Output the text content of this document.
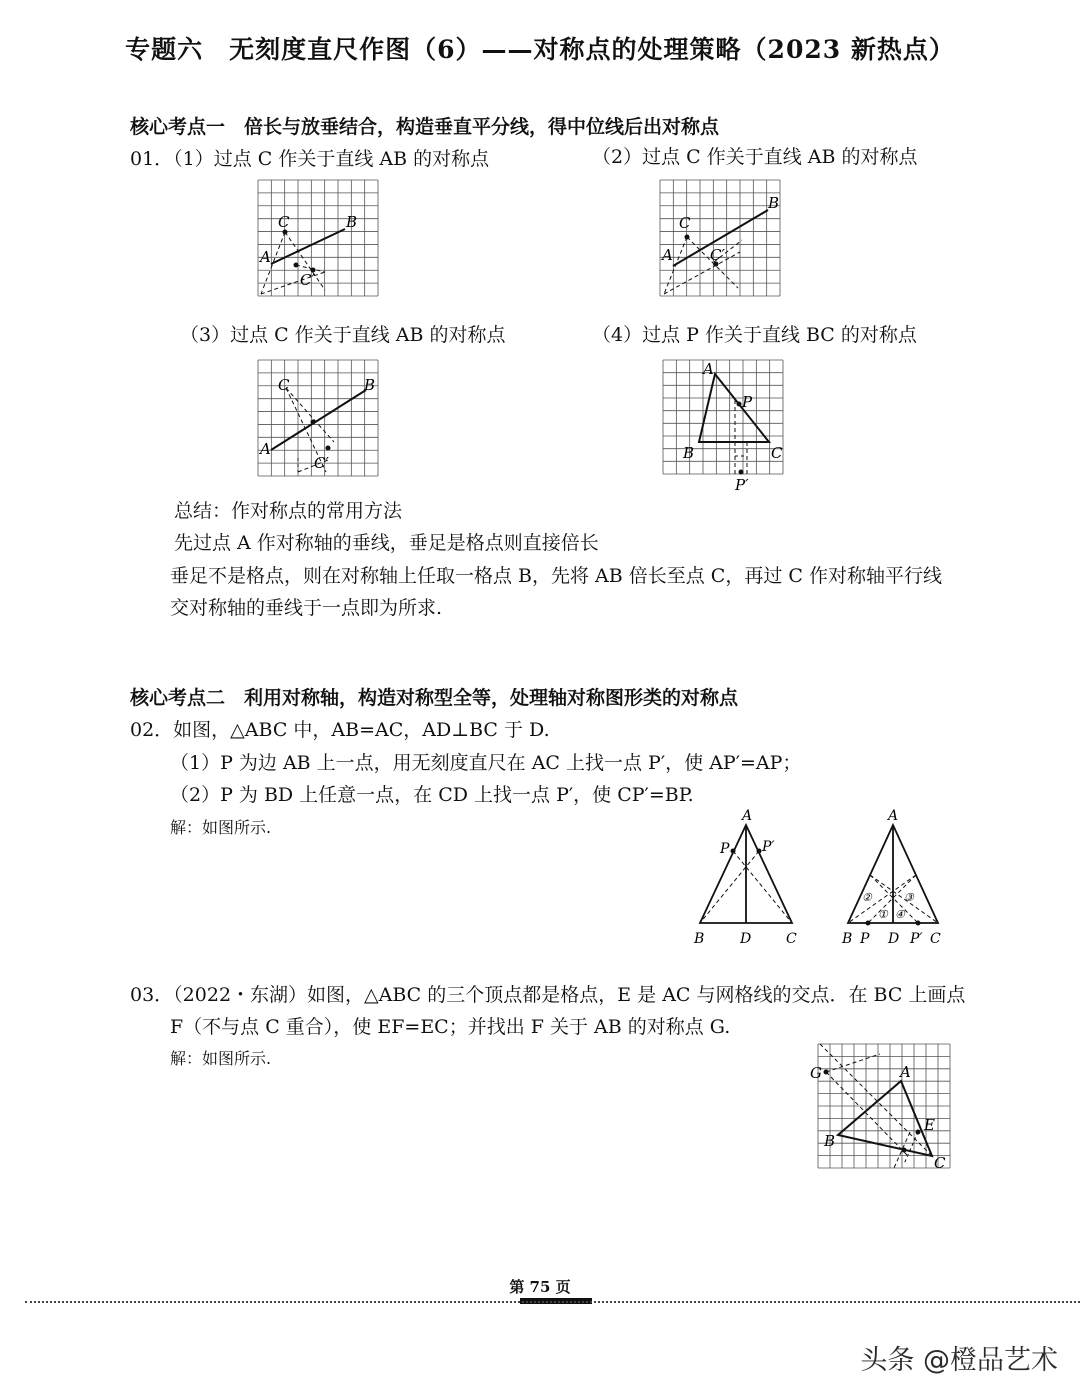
专题六　无刻度直尺作图（6）——对称点的处理策略（2023 新热点）
核心考点一　倍长与放垂结合，构造垂直平分线，得中位线后出对称点
01．（1）过点 C 作关于直线 AB 的对称点	（2）过点 C 作关于直线 AB 的对称点
C	B
A
C′
C
B
A C′
（3）过点 C 作关于直线 AB 的对称点	（4）过点 P 作关于直线 BC 的对称点
C	B
A
C′
A
P
B	C
P′
总结：作对称点的常用方法
先过点 A 作对称轴的垂线，垂足是格点则直接倍长
垂足不是格点，则在对称轴上任取一格点 B，先将 AB 倍长至点 C，再过 C 作对称轴平行线
交对称轴的垂线于一点即为所求.
核心考点二　利用对称轴，构造对称型全等，处理轴对称图形类的对称点
02．如图，△ABC 中，AB=AC，AD⊥BC 于 D.
（1）P 为边 AB 上一点，用无刻度直尺在 AC 上找一点 P′，使 AP′=AP；
（2）P 为 BD 上任意一点，在 CD 上找一点 P′，使 CP′=BP.
解：如图所示.
A
P P′
B	D C
A
②	③
① ④
B P D P′ C
03．（2022・东湖）如图，△ABC 的三个顶点都是格点，E 是 AC 与网格线的交点．在 BC 上画点
F（不与点 C 重合），使 EF=EC；并找出 F 关于 AB 的对称点 G.
解：如图所示.
G	A
B
E
C
第 75 页
头条 @橙品艺术
